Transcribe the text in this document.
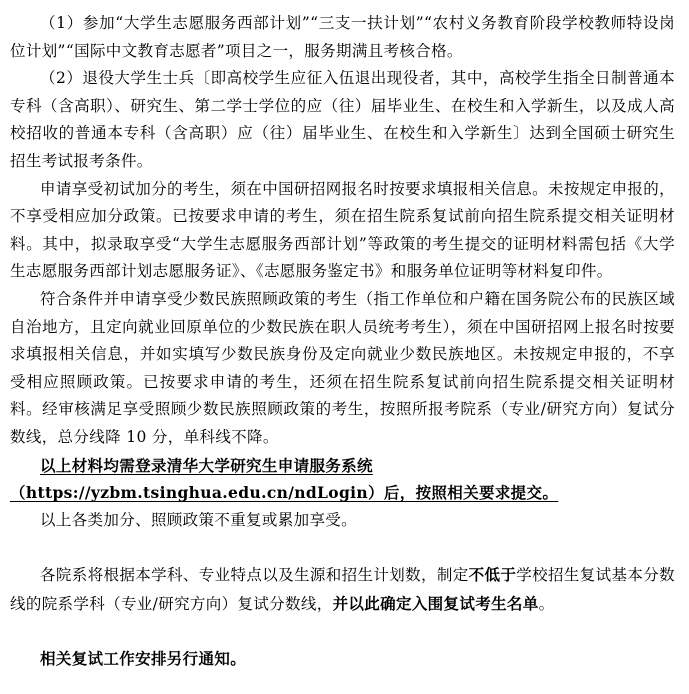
（1）参加“大学生志愿服务西部计划”“三支一扶计划”“农村义务教育阶段学校教师特设岗位计划”“国际中文教育志愿者”项目之一，服务期满且考核合格。

（2）退役大学生士兵〔即高校学生应征入伍退出现役者，其中，高校学生指全日制普通本专科（含高职）、研究生、第二学士学位的应（往）届毕业生、在校生和入学新生，以及成人高校招收的普通本专科（含高职）应（往）届毕业生、在校生和入学新生〕达到全国硕士研究生招生考试报考条件。

申请享受初试加分的考生，须在中国研招网报名时按要求填报相关信息。未按规定申报的，不享受相应加分政策。已按要求申请的考生，须在招生院系复试前向招生院系提交相关证明材料。其中，拟录取享受“大学生志愿服务西部计划”等政策的考生提交的证明材料需包括《大学生志愿服务西部计划志愿服务证》、《志愿服务鉴定书》和服务单位证明等材料复印件。

符合条件并申请享受少数民族照顾政策的考生（指工作单位和户籍在国务院公布的民族区域自治地方，且定向就业回原单位的少数民族在职人员统考考生），须在中国研招网上报名时按要求填报相关信息，并如实填写少数民族身份及定向就业少数民族地区。未按规定申报的，不享受相应照顾政策。已按要求申请的考生，还须在招生院系复试前向招生院系提交相关证明材料。经审核满足享受照顾少数民族照顾政策的考生，按照所报考院系（专业/研究方向）复试分数线，总分线降 10 分，单科线不降。

以上材料均需登录清华大学研究生申请服务系统

（https://yzbm.tsinghua.edu.cn/ndLogin）后，按照相关要求提交。

以上各类加分、照顾政策不重复或累加享受。

各院系将根据本学科、专业特点以及生源和招生计划数，制定不低于学校招生复试基本分数线的院系学科（专业/研究方向）复试分数线，并以此确定入围复试考生名单。

相关复试工作安排另行通知。
